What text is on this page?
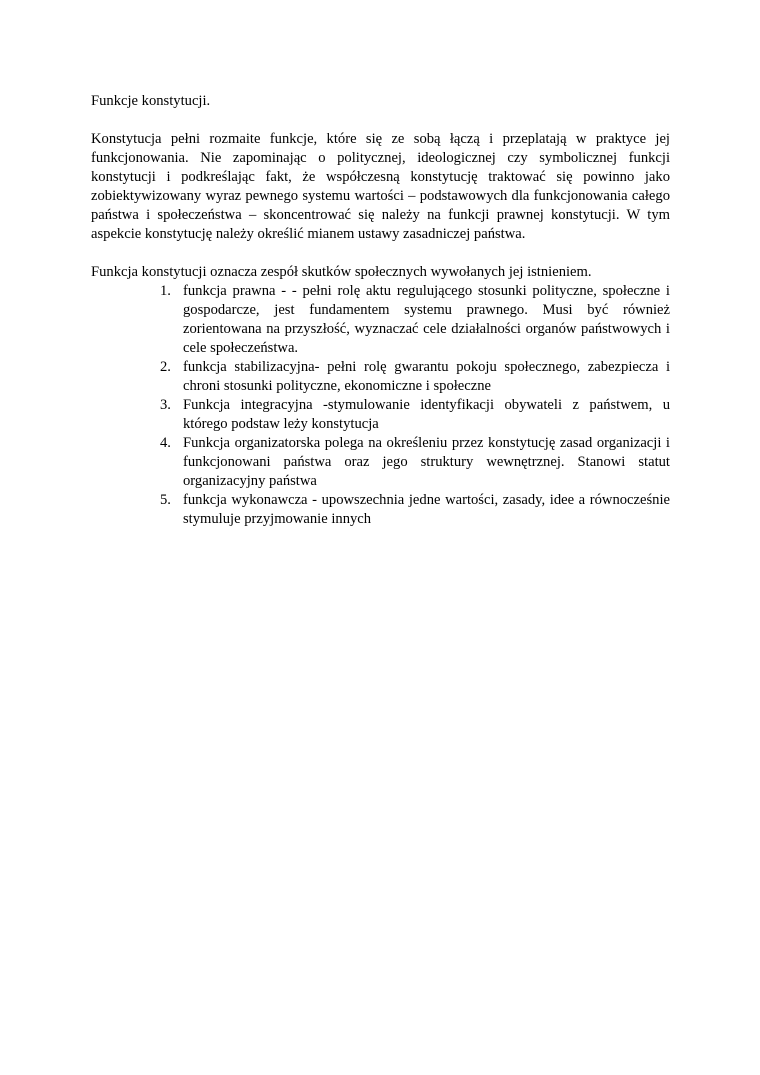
Funkcje konstytucji.

Konstytucja pełni rozmaite funkcje, które się ze sobą łączą i przeplatają w praktyce jej funkcjonowania. Nie zapominając o politycznej, ideologicznej czy symbolicznej funkcji konstytucji i podkreślając fakt, że współczesną konstytucję traktować się powinno jako zobiektywizowany wyraz pewnego systemu wartości – podstawowych dla funkcjonowania całego państwa i społeczeństwa – skoncentrować się należy na funkcji prawnej konstytucji. W tym aspekcie konstytucję należy określić mianem ustawy zasadniczej państwa.

Funkcja konstytucji oznacza zespół skutków społecznych wywołanych jej istnieniem.

1. funkcja prawna - - pełni rolę aktu regulującego stosunki polityczne, społeczne i gospodarcze, jest fundamentem systemu prawnego. Musi być również zorientowana na przyszłość, wyznaczać cele działalności organów państwowych i cele społeczeństwa.
2. funkcja stabilizacyjna- pełni rolę gwarantu pokoju społecznego, zabezpiecza i chroni stosunki polityczne, ekonomiczne i społeczne
3. Funkcja integracyjna -stymulowanie identyfikacji obywateli z państwem, u którego podstaw leży konstytucja
4. Funkcja organizatorska polega na określeniu przez konstytucję zasad organizacji i funkcjonowani państwa oraz jego struktury wewnętrznej. Stanowi statut organizacyjny państwa
5. funkcja wykonawcza - upowszechnia jedne wartości, zasady, idee a równocześnie stymuluje przyjmowanie innych
